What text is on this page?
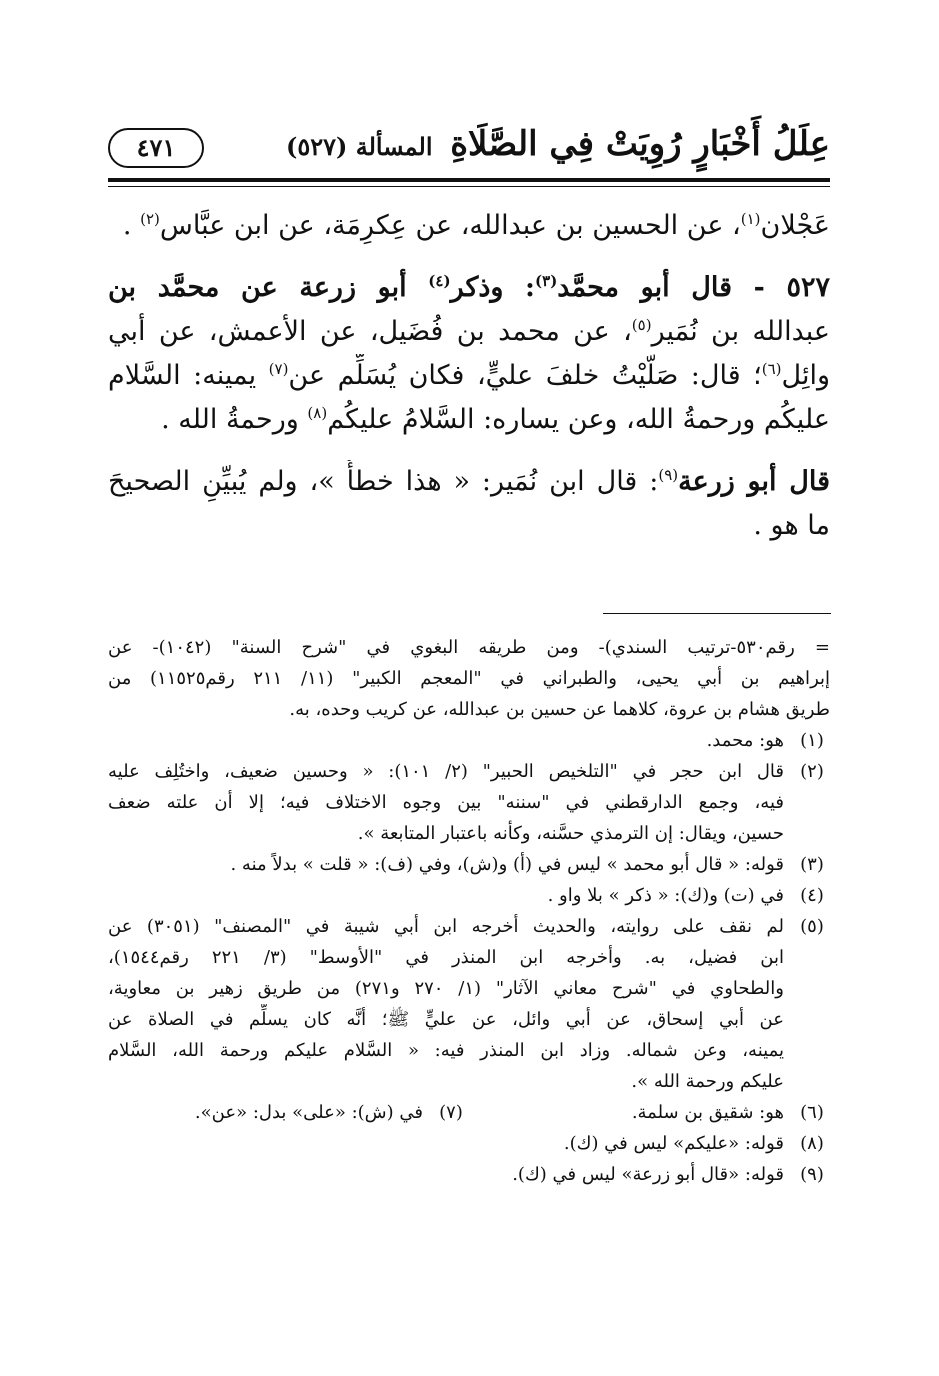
عِلَلُ أَخْبَارٍ رُوِيَتْ فِي الصَّلَاةِ
المسألة (٥٢٧)
٤٧١
عَجْلان$^{(١)}$، عن الحسين بن عبدالله، عن عِكرِمَة، عن ابن عبَّاس$^{(٢)}$ .
٥٢٧ - قال أبو محمَّد$^{(٣)}$: وذكر$^{(٤)}$ أبو زرعة عن محمَّد بن
عبدالله بن نُمَير$^{(٥)}$، عن محمد بن فُضَيل، عن الأعمش، عن أبي
وائِل$^{(٦)}$؛ قال: صَلَّيْتُ خلفَ عليٍّ، فكان يُسَلِّم عن$^{(٧)}$ يمينه: السَّلام
عليكُم ورحمةُ الله، وعن يساره: السَّلامُ عليكُم$^{(٨)}$ ورحمةُ الله .
قال أبو زرعة$^{(٩)}$: قال ابن نُمَير: « هذا خطأٌ »، ولم يُبيِّنِ الصحيحَ
ما هو .
= رقم٥٣٠-ترتيب السندي)- ومن طريقه البغوي في "شرح السنة" (١٠٤٢)- عن
إبراهيم بن أبي يحيى، والطبراني في "المعجم الكبير" (١١/ ٢١١ رقم١١٥٢٥) من
طريق هشام بن عروة، كلاهما عن حسين بن عبدالله، عن كريب وحده، به.
(١)
هو: محمد.
(٢)
قال ابن حجر في "التلخيص الحبير" (٢/ ١٠١): « وحسين ضعيف، واختُلِف عليه
فيه، وجمع الدارقطني في "سننه" بين وجوه الاختلاف فيه؛ إلا أن علته ضعف
حسين، ويقال: إن الترمذي حسَّنه، وكأنه باعتبار المتابعة ».
(٣)
قوله: « قال أبو محمد » ليس في (أ) و(ش)، وفي (ف): « قلت » بدلاً منه .
(٤)
في (ت) و(ك): « ذكر » بلا واو .
(٥)
لم نقف على روايته، والحديث أخرجه ابن أبي شيبة في "المصنف" (٣٠٥١) عن
ابن فضيل، به. وأخرجه ابن المنذر في "الأوسط" (٣/ ٢٢١ رقم١٥٤٤)،
والطحاوي في "شرح معاني الآثار" (١/ ٢٧٠ و٢٧١) من طريق زهير بن معاوية،
عن أبي إسحاق، عن أبي وائل، عن عليٍّ ﷺ؛ أنَّه كان يسلِّم في الصلاة عن
يمينه، وعن شماله. وزاد ابن المنذر فيه: « السَّلام عليكم ورحمة الله، السَّلام
عليكم ورحمة الله ».
(٦)
هو: شقيق بن سلمة.
(٧)
في (ش): «على» بدل: «عن».
(٨)
قوله: «عليكم» ليس في (ك).
(٩)
قوله: «قال أبو زرعة» ليس في (ك).
